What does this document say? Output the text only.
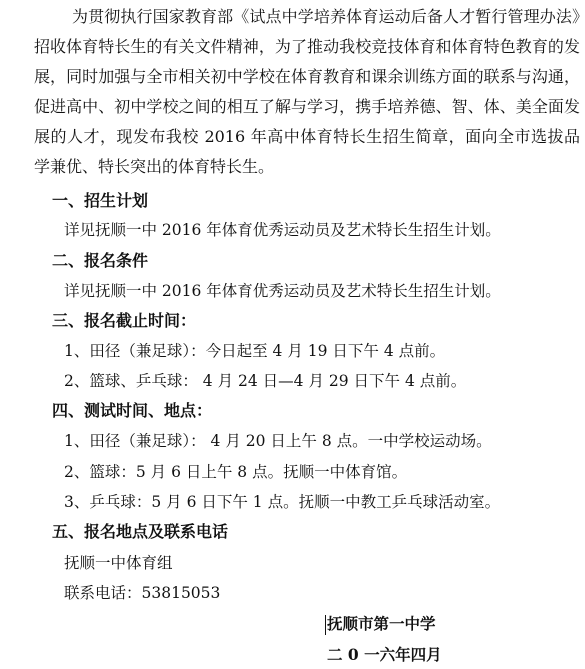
为贯彻执行国家教育部《试点中学培养体育运动后备人才暂行管理办法》招收体育特长生的有关文件精神，为了推动我校竞技体育和体育特色教育的发展，同时加强与全市相关初中学校在体育教育和课余训练方面的联系与沟通，促进高中、初中学校之间的相互了解与学习，携手培养德、智、体、美全面发展的人才，现发布我校 2016 年高中体育特长生招生简章，面向全市选拔品学兼优、特长突出的体育特长生。

一、招生计划
详见抚顺一中 2016 年体育优秀运动员及艺术特长生招生计划。
二、报名条件
详见抚顺一中 2016 年体育优秀运动员及艺术特长生招生计划。
三、报名截止时间：
1、田径（兼足球）：今日起至 4 月 19 日下午 4 点前。
2、篮球、乒乓球： 4 月 24 日—4 月 29 日下午 4 点前。
四、测试时间、地点：
1、田径（兼足球）： 4 月 20 日上午 8 点。一中学校运动场。
2、篮球：5 月 6 日上午 8 点。抚顺一中体育馆。
3、乒乓球：5 月 6 日下午 1 点。抚顺一中教工乒乓球活动室。
五、报名地点及联系电话
抚顺一中体育组
联系电话：53815053
抚顺市第一中学
二 0 一六年四月
